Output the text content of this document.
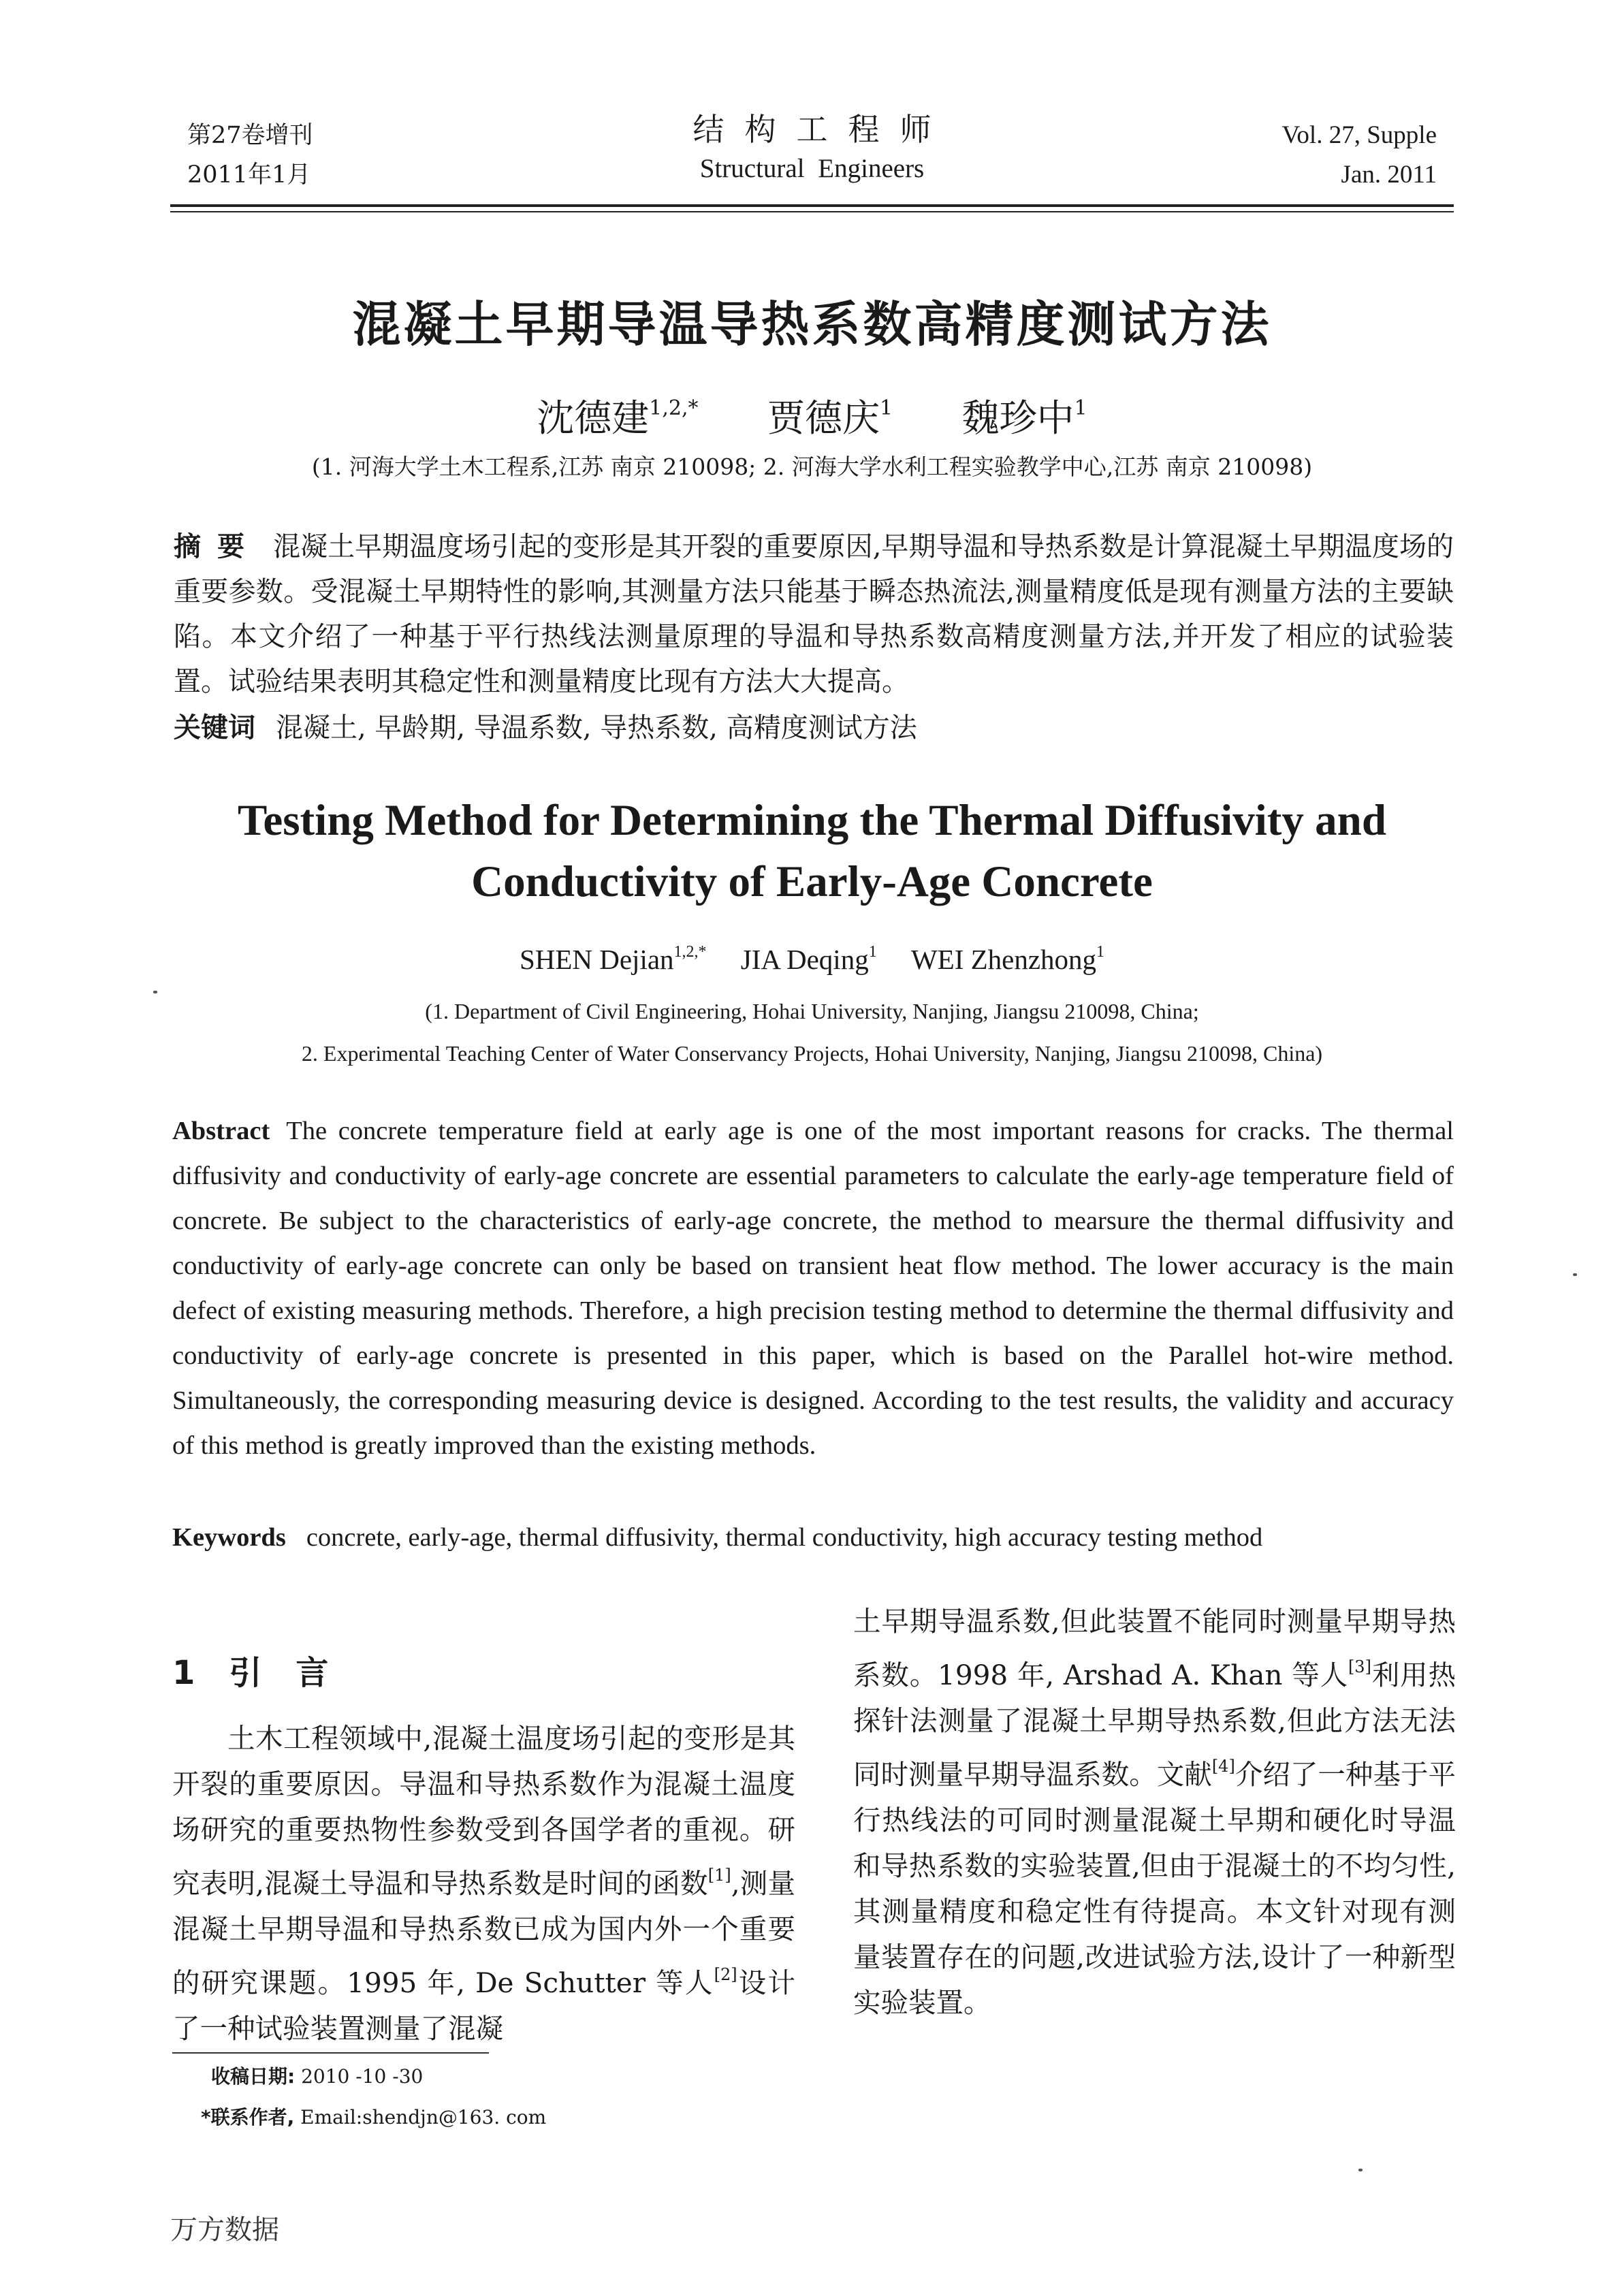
第27卷增刊
2011年1月
结构工程师
Structural Engineers
Vol. 27, Supple
Jan. 2011
混凝土早期导温导热系数高精度测试方法
沈德建$^{1,2,*}$ 贾德庆$^1$ 魏珍中$^1$
(1. 河海大学土木工程系,江苏 南京 210098; 2. 河海大学水利工程实验教学中心,江苏 南京 210098)
摘要 混凝土早期温度场引起的变形是其开裂的重要原因,早期导温和导热系数是计算混凝土早期温度场的重要参数。受混凝土早期特性的影响,其测量方法只能基于瞬态热流法,测量精度低是现有测量方法的主要缺陷。本文介绍了一种基于平行热线法测量原理的导温和导热系数高精度测量方法,并开发了相应的试验装置。试验结果表明其稳定性和测量精度比现有方法大大提高。
关键词 混凝土, 早龄期, 导温系数, 导热系数, 高精度测试方法
Testing Method for Determining the Thermal Diffusivity and
Conductivity of Early-Age Concrete
SHEN Dejian$^{1,2,*}$ JIA Deqing$^1$ WEI Zhenzhong$^1$
(1. Department of Civil Engineering, Hohai University, Nanjing, Jiangsu 210098, China;
2. Experimental Teaching Center of Water Conservancy Projects, Hohai University, Nanjing, Jiangsu 210098, China)
Abstract The concrete temperature field at early age is one of the most important reasons for cracks. The thermal diffusivity and conductivity of early-age concrete are essential parameters to calculate the early-age temperature field of concrete. Be subject to the characteristics of early-age concrete, the method to mearsure the thermal diffusivity and conductivity of early-age concrete can only be based on transient heat flow method. The lower accuracy is the main defect of existing measuring methods. Therefore, a high precision testing method to determine the thermal diffusivity and conductivity of early-age concrete is presented in this paper, which is based on the Parallel hot-wire method. Simultaneously, the corresponding measuring device is designed. According to the test results, the validity and accuracy of this method is greatly improved than the existing methods.
Keywords concrete, early-age, thermal diffusivity, thermal conductivity, high accuracy testing method
1 引言

土木工程领域中,混凝土温度场引起的变形是其开裂的重要原因。导温和导热系数作为混凝土温度场研究的重要热物性参数受到各国学者的重视。研究表明,混凝土导温和导热系数是时间的函数[1],测量混凝土早期导温和导热系数已成为国内外一个重要的研究课题。1995 年, De Schutter 等人[2]设计了一种试验装置测量了混凝

土早期导温系数,但此装置不能同时测量早期导热系数。1998 年, Arshad A. Khan 等人[3]利用热探针法测量了混凝土早期导热系数,但此方法无法同时测量早期导温系数。文献[4]介绍了一种基于平行热线法的可同时测量混凝土早期和硬化时导温和导热系数的实验装置,但由于混凝土的不均匀性,其测量精度和稳定性有待提高。本文针对现有测量装置存在的问题,改进试验方法,设计了一种新型实验装置。

收稿日期: 2010 -10 -30
*联系作者, Email:shendjn@163. com
万方数据
